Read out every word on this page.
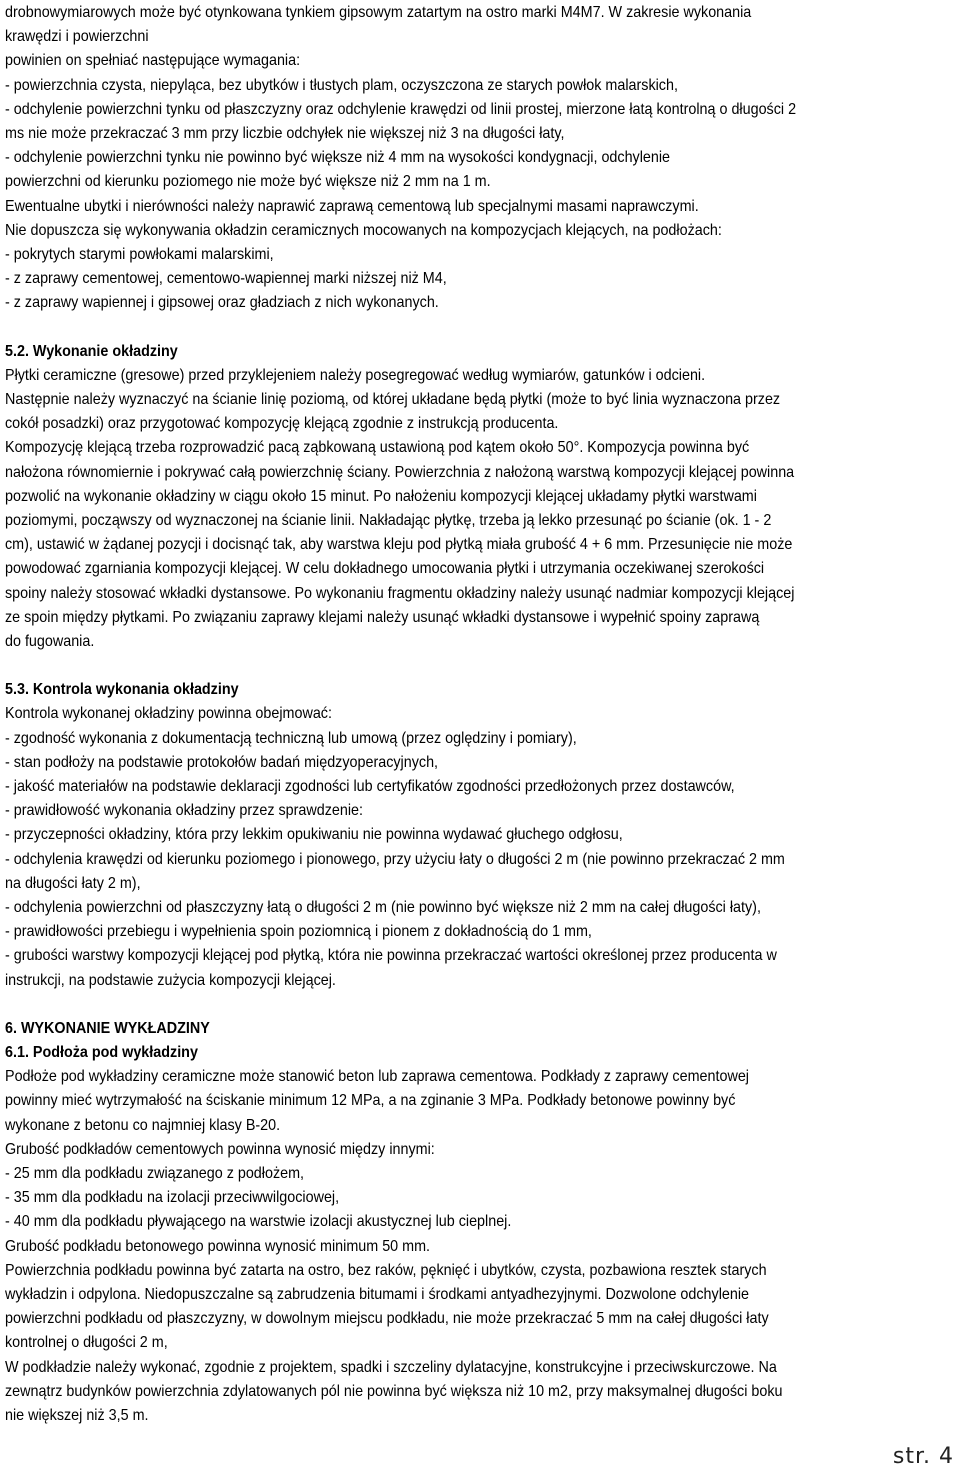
drobnowymiarowych może być otynkowana tynkiem gipsowym zatartym na ostro marki M4M7. W zakresie wykonania
krawędzi i powierzchni
powinien on spełniać następujące wymagania:
- powierzchnia czysta, niepyląca, bez ubytków i tłustych plam, oczyszczona ze starych powłok malarskich,
- odchylenie powierzchni tynku od płaszczyzny oraz odchylenie krawędzi od linii prostej, mierzone łatą kontrolną o długości 2
ms nie może przekraczać 3 mm przy liczbie odchyłek nie większej niż 3 na długości łaty,
- odchylenie powierzchni tynku nie powinno być większe niż 4 mm na wysokości kondygnacji, odchylenie
powierzchni od kierunku poziomego nie może być większe niż 2 mm na 1 m.
Ewentualne ubytki i nierówności należy naprawić zaprawą cementową lub specjalnymi masami naprawczymi.
Nie dopuszcza się wykonywania okładzin ceramicznych mocowanych na kompozycjach klejących, na podłożach:
- pokrytych starymi powłokami malarskimi,
- z zaprawy cementowej, cementowo-wapiennej marki niższej niż M4,
- z zaprawy wapiennej i gipsowej oraz gładziach z nich wykonanych.
5.2. Wykonanie okładziny
Płytki ceramiczne (gresowe) przed przyklejeniem należy posegregować według wymiarów, gatunków i odcieni.
Następnie należy wyznaczyć na ścianie linię poziomą, od której układane będą płytki (może to być linia wyznaczona przez
cokół posadzki) oraz przygotować kompozycję klejącą zgodnie z instrukcją producenta.
Kompozycję klejącą trzeba rozprowadzić pacą ząbkowaną ustawioną pod kątem około 50°. Kompozycja powinna być
nałożona równomiernie i pokrywać całą powierzchnię ściany. Powierzchnia z nałożoną warstwą kompozycji klejącej powinna
pozwolić na wykonanie okładziny w ciągu około 15 minut. Po nałożeniu kompozycji klejącej układamy płytki warstwami
poziomymi, począwszy od wyznaczonej na ścianie linii. Nakładając płytkę, trzeba ją lekko przesunąć po ścianie (ok. 1 - 2
cm), ustawić w żądanej pozycji i docisnąć tak, aby warstwa kleju pod płytką miała grubość 4 + 6 mm. Przesunięcie nie może
powodować zgarniania kompozycji klejącej. W celu dokładnego umocowania płytki i utrzymania oczekiwanej szerokości
spoiny należy stosować wkładki dystansowe. Po wykonaniu fragmentu okładziny należy usunąć nadmiar kompozycji klejącej
ze spoin między płytkami. Po związaniu zaprawy klejami należy usunąć wkładki dystansowe i wypełnić spoiny zaprawą
do fugowania.
5.3. Kontrola wykonania okładziny
Kontrola wykonanej okładziny powinna obejmować:
- zgodność wykonania z dokumentacją techniczną lub umową (przez oględziny i pomiary),
- stan podłoży na podstawie protokołów badań międzyoperacyjnych,
- jakość materiałów na podstawie deklaracji zgodności lub certyfikatów zgodności przedłożonych przez dostawców,
- prawidłowość wykonania okładziny przez sprawdzenie:
- przyczepności okładziny, która przy lekkim opukiwaniu nie powinna wydawać głuchego odgłosu,
- odchylenia krawędzi od kierunku poziomego i pionowego, przy użyciu łaty o długości 2 m (nie powinno przekraczać 2 mm
na długości łaty 2 m),
- odchylenia powierzchni od płaszczyzny łatą o długości 2 m (nie powinno być większe niż 2 mm na całej długości łaty),
- prawidłowości przebiegu i wypełnienia spoin poziomnicą i pionem z dokładnością do 1 mm,
- grubości warstwy kompozycji klejącej pod płytką, która nie powinna przekraczać wartości określonej przez producenta w
instrukcji, na podstawie zużycia kompozycji klejącej.
6. WYKONANIE WYKŁADZINY
6.1. Podłoża pod wykładziny
Podłoże pod wykładziny ceramiczne może stanowić beton lub zaprawa cementowa. Podkłady z zaprawy cementowej
powinny mieć wytrzymałość na ściskanie minimum 12 MPa, a na zginanie 3 MPa. Podkłady betonowe powinny być
wykonane z betonu co najmniej klasy B-20.
Grubość podkładów cementowych powinna wynosić między innymi:
- 25 mm dla podkładu związanego z podłożem,
- 35 mm dla podkładu na izolacji przeciwwilgociowej,
- 40 mm dla podkładu pływającego na warstwie izolacji akustycznej lub cieplnej.
Grubość podkładu betonowego powinna wynosić minimum 50 mm.
Powierzchnia podkładu powinna być zatarta na ostro, bez raków, pęknięć i ubytków, czysta, pozbawiona resztek starych
wykładzin i odpylona. Niedopuszczalne są zabrudzenia bitumami i środkami antyadhezyjnymi. Dozwolone odchylenie
powierzchni podkładu od płaszczyzny, w dowolnym miejscu podkładu, nie może przekraczać 5 mm na całej długości łaty
kontrolnej o długości 2 m,
W podkładzie należy wykonać, zgodnie z projektem, spadki i szczeliny dylatacyjne, konstrukcyjne i przeciwskurczowe. Na
zewnątrz budynków powierzchnia zdylatowanych pól nie powinna być większa niż 10 m2, przy maksymalnej długości boku
nie większej niż 3,5 m.
str. 4
